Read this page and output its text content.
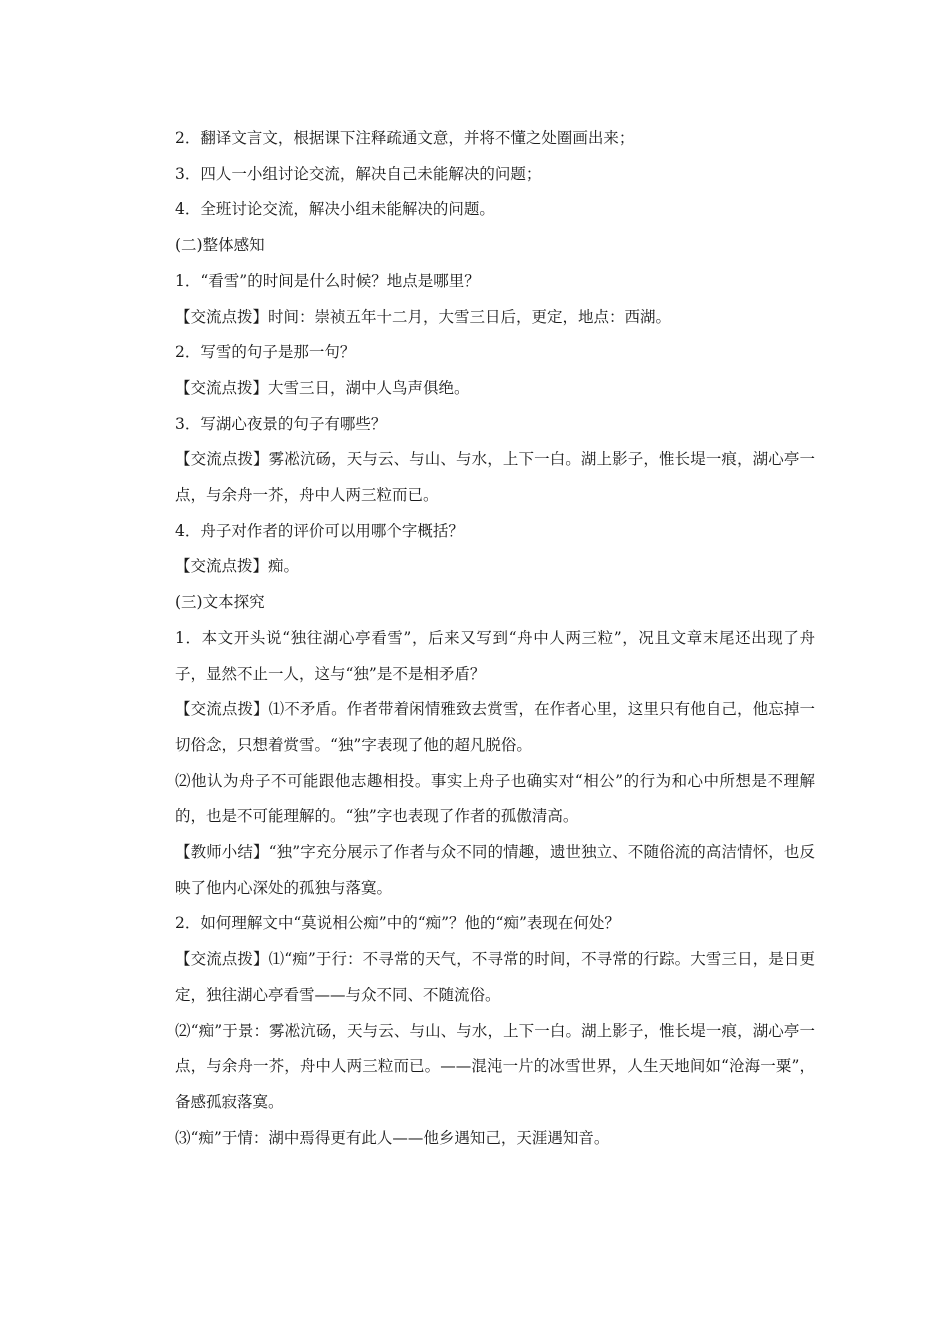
2．翻译文言文，根据课下注释疏通文意，并将不懂之处圈画出来；

3．四人一小组讨论交流，解决自己未能解决的问题；

4．全班讨论交流，解决小组未能解决的问题。

(二)整体感知

1．“看雪”的时间是什么时候？地点是哪里？

【交流点拨】时间：崇祯五年十二月，大雪三日后，更定，地点：西湖。

2．写雪的句子是那一句？

【交流点拨】大雪三日，湖中人鸟声俱绝。

3．写湖心夜景的句子有哪些？

【交流点拨】雾凇沆砀，天与云、与山、与水，上下一白。湖上影子，惟长堤一痕，湖心亭一点，与余舟一芥，舟中人两三粒而已。

4．舟子对作者的评价可以用哪个字概括？

【交流点拨】痴。

(三)文本探究

1．本文开头说“独往湖心亭看雪”，后来又写到“舟中人两三粒”，况且文章末尾还出现了舟子，显然不止一人，这与“独”是不是相矛盾？

【交流点拨】⑴不矛盾。作者带着闲情雅致去赏雪，在作者心里，这里只有他自己，他忘掉一切俗念，只想着赏雪。“独”字表现了他的超凡脱俗。

⑵他认为舟子不可能跟他志趣相投。事实上舟子也确实对“相公”的行为和心中所想是不理解的，也是不可能理解的。“独”字也表现了作者的孤傲清高。

【教师小结】“独”字充分展示了作者与众不同的情趣，遗世独立、不随俗流的高洁情怀，也反映了他内心深处的孤独与落寞。

2．如何理解文中“莫说相公痴”中的“痴”？他的“痴”表现在何处？

【交流点拨】⑴“痴”于行：不寻常的天气，不寻常的时间，不寻常的行踪。大雪三日，是日更定，独往湖心亭看雪——与众不同、不随流俗。

⑵“痴”于景：雾凇沆砀，天与云、与山、与水，上下一白。湖上影子，惟长堤一痕，湖心亭一点，与余舟一芥，舟中人两三粒而已。——混沌一片的冰雪世界，人生天地间如“沧海一粟”，备感孤寂落寞。

⑶“痴”于情：湖中焉得更有此人——他乡遇知己，天涯遇知音。
